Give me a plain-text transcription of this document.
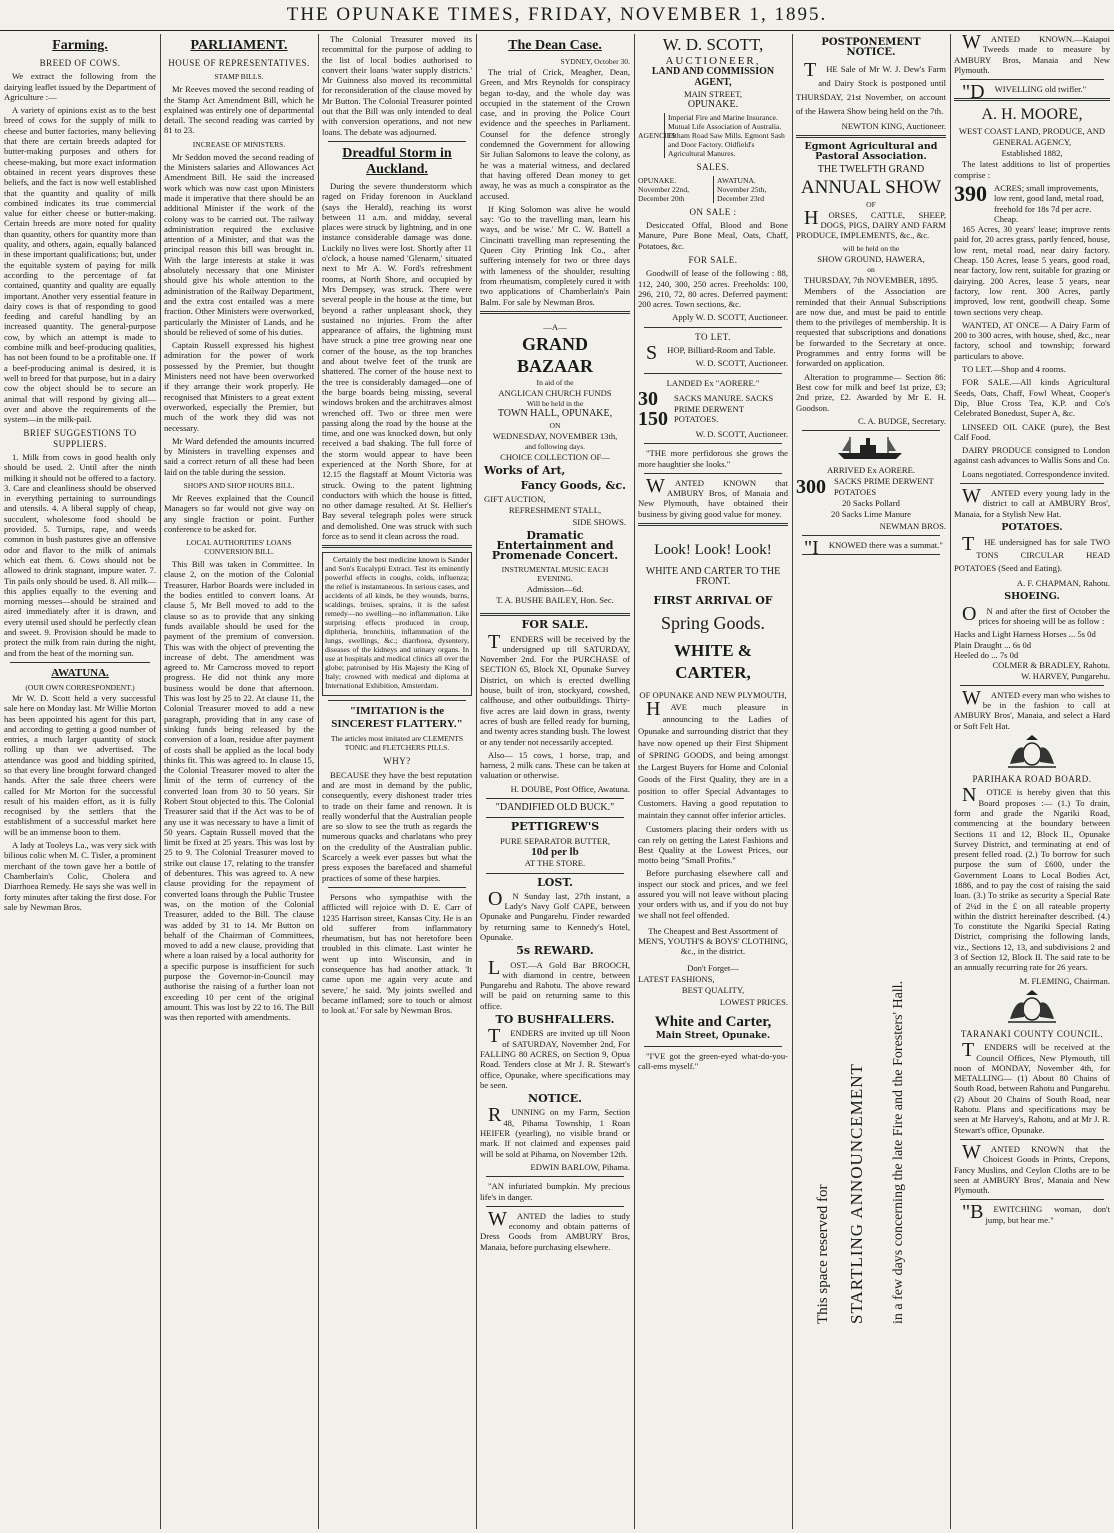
THE OPUNAKE TIMES, FRIDAY, NOVEMBER 1, 1895.
Farming.
BREED OF COWS.

We extract the following from the dairying leaflet issued by the Department of Agriculture :—

A variety of opinions exist as to the best breed of cows for the supply of milk to cheese and butter factories, many believing that there are certain breeds adapted for butter-making purposes and others for cheese-making, but more exact information obtained in recent years disproves these beliefs, and the fact is now well established that the quantity and quality of milk combined indicates its true commercial value for either cheese or butter-making. Certain breeds are more noted for quality than quantity, others for quantity more than quality, and others, again, equally balanced in these important qualifications; but, under the equitable system of paying for milk according to the percentage of fat contained, quantity and quality are equally important. Another very essential feature in dairy cows is that of responding to good feeding and careful handling by an increased quantity. The general-purpose cow, by which an attempt is made to combine milk and beef-producing qualities, has not been found to be a profitable one. If a beef-producing animal is desired, it is well to breed for that purpose, but in a dairy cow the object should be to secure an animal that will respond by giving all—over and above the requirements of the system—in the milk-pail.

BRIEF SUGGESTIONS TO SUPPLIERS.

1. Milk from cows in good health only should be used. 2. Until after the ninth milking it should not be offered to a factory. 3. Care and cleanliness should be observed in everything pertaining to surroundings and utensils. 4. A liberal supply of cheap, succulent, wholesome food should be provided. 5. Turnips, rape, and weeds common in bush pastures give an offensive odor and flavor to the milk of animals which eat them. 6. Cows should not be allowed to drink stagnant, impure water. 7. Tin pails only should be used. 8. All milk—this applies equally to the evening and morning messes—should be strained and aired immediately after it is drawn, and every utensil used should be perfectly clean and sweet. 9. Provision should be made to protect the milk from rain during the night, and from the heat of the morning sun.

AWATUNA.
(OUR OWN CORRESPONDENT.)

Mr W. D. Scott held a very successful sale here on Monday last. Mr Willie Morton has been appointed his agent for this part, and according to getting a good number of entries, a much larger quantity of stock rolling up than we advertised. The attendance was good and bidding spirited, so that every line brought forward changed hands. After the sale three cheers were called for Mr Morton for the successful result of his maiden effort, as it is fully recognised by the settlers that the establishment of a successful market here will be an immense boon to them.

A lady at Tooleys La., was very sick with bilious colic when M. C. Tisler, a prominent merchant of the town gave her a bottle of Chamberlain's Colic, Cholera and Diarrhoea Remedy. He says she was well in forty minutes after taking the first dose. For sale by Newman Bros.

PARLIAMENT.
HOUSE OF REPRESENTATIVES.
STAMP BILLS.

Mr Reeves moved the second reading of the Stamp Act Amendment Bill, which he explained was entirely one of departmental detail. The second reading was carried by 81 to 23.

INCREASE OF MINISTERS.

Mr Seddon moved the second reading of the Ministers salaries and Allowances Act Amendment Bill. He said the increased work which was now cast upon Ministers made it imperative that there should be an additional Minister if the work of the colony was to be carried out. The railway administration required the exclusive attention of a Minister, and that was the principal reason this bill was brought in. With the large interests at stake it was absolutely necessary that one Minister should give his whole attention to the administration of the Railway Department, and the extra cost entailed was a mere fraction. Other Ministers were overworked, particularly the Minister of Lands, and he should be relieved of some of his duties.

Captain Russell expressed his highest admiration for the power of work possessed by the Premier, but thought Ministers need not have been overworked if they arrange their work properly. He recognised that Ministers to a great extent overworked, especially the Premier, but much of the work they did was not necessary.

Mr Ward defended the amounts incurred by Ministers in travelling expenses and said a correct return of all these had been laid on the table during the session.

SHOPS AND SHOP HOURS BILL.

Mr Reeves explained that the Council Managers so far would not give way on any single fraction or point. Further conference to be asked for.

LOCAL AUTHORITIES' LOANS CONVERSION BILL.

This Bill was taken in Committee. In clause 2, on the motion of the Colonial Treasurer, Harbor Boards were included in the bodies entitled to convert loans. At clause 5, Mr Bell moved to add to the clause so as to provide that any sinking funds available should be used for the payment of the premium of conversion. This was with the object of preventing the increase of debt. The amendment was agreed to. Mr Carncross moved to report progress. He did not think any more business would be done that afternoon. This was lost by 25 to 22. At clause 11, the Colonial Treasurer moved to add a new paragraph, providing that in any case of sinking funds being released by the conversion of a loan, residue after payment of costs shall be applied as the local body thinks fit. This was agreed to. In clause 15, the Colonial Treasurer moved to alter the limit of the term of currency of the converted loan from 30 to 50 years. Sir Robert Stout objected to this. The Colonial Treasurer said that if the Act was to be of any use it was necessary to have a limit of 50 years. Captain Russell moved that the limit be fixed at 25 years. This was lost by 25 to 9. The Colonial Treasurer moved to strike out clause 17, relating to the transfer of debentures. This was agreed to. A new clause providing for the repayment of converted loans through the Public Trustee was, on the motion of the Colonial Treasurer, added to the Bill. The clause was added by 31 to 14. Mr Button on behalf of the Chairman of Committees, moved to add a new clause, providing that where a loan raised by a local authority for a specific purpose is insufficient for such purpose the Governor-in-Council may authorise the raising of a further loan not exceeding 10 per cent of the original amount. This was lost by 22 to 16. The Bill was then reported with amendments.

The Colonial Treasurer moved its recommittal for the purpose of adding to the list of local bodies authorised to convert their loans 'water supply districts.' Mr Guinness also moved its recommittal for reconsideration of the clause moved by Mr Button. The Colonial Treasurer pointed out that the Bill was only intended to deal with conversion operations, and not new loans. The debate was adjourned.

Dreadful Storm in Auckland.

During the severe thunderstorm which raged on Friday forenoon in Auckland (says the Herald), reaching its worst between 11 a.m. and midday, several places were struck by lightning, and in one instance considerable damage was done. Luckily no lives were lost. Shortly after 11 o'clock, a house named 'Glenarm,' situated next to Mr A. W. Ford's refreshment rooms, at North Shore, and occupied by Mrs Dempsey, was struck. There were several people in the house at the time, but beyond a rather unpleasant shock, they sustained no injuries. From the after appearance of affairs, the lightning must have struck a pine tree growing near one corner of the house, as the top branches and about twelve feet of the trunk are shattered. The corner of the house next to the tree is considerably damaged—one of the barge boards being missing, several windows broken and the architraves almost wrenched off. Two or three men were passing along the road by the house at the time, and one was knocked down, but only received a bad shaking. The full force of the storm would appear to have been experienced at the North Shore, for at 12.15 the flagstaff at Mount Victoria was struck. Owing to the patent lightning conductors with which the house is fitted, no other damage resulted. At St. Hellier's Bay several telegraph poles were struck and demolished. One was struck with such force as to send it clean across the road.

Certainly the best medicine known is Sander and Son's Eucalypti Extract. Test its eminently powerful effects in coughs, colds, influenza; the relief is instantaneous. In serious cases, and accidents of all kinds, be they wounds, burns, scaldings, bruises, sprains, it is the safest remedy—no swelling—no inflammation. Like surprising effects produced in croup, diphtheria, bronchitis, inflammation of the lungs, swellings, &c.; diarrhoea, dysentery, diseases of the kidneys and urinary organs. In use at hospitals and medical clinics all over the globe; patronised by His Majesty the King of Italy; crowned with medical and diploma at International Exhibition, Amsterdam.

"IMITATION is the SINCEREST FLATTERY."
The articles most imitated are CLEMENTS TONIC and FLETCHERS PILLS.
WHY?

BECAUSE they have the best reputation and are most in demand by the public, consequently, every dishonest trader tries to trade on their fame and renown. It is really wonderful that the Australian people are so slow to see the truth as regards the numerous quacks and charlatans who prey on the credulity of the Australian public. Scarcely a week ever passes but what the press exposes the barefaced and shameful practices of some of these harpies.

Persons who sympathise with the afflicted will rejoice with D. E. Carr of 1235 Harrison street, Kansas City. He is an old sufferer from inflammatory rheumatism, but has not heretofore been troubled in this climate. Last winter he went up into Wisconsin, and in consequence has had another attack. 'It came upon me again very acute and severe,' he said. 'My joints swelled and became inflamed; sore to touch or almost to look at.' For sale by Newman Bros.

The Dean Case.
SYDNEY, October 30.

The trial of Crick, Meagher, Dean, Green, and Mrs Reynolds for conspiracy began to-day, and the whole day was occupied in the statement of the Crown case, and in proving the Police Court evidence and the speeches in Parliament. Counsel for the defence strongly condemned the Government for allowing Sir Julian Salomons to leave the colony, as he was a material witness, and declared that having offered Dean money to get away, he was as much a conspirator as the accused.

If King Solomon was alive he would say: 'Go to the travelling man, learn his ways, and be wise.' Mr C. W. Battell a Cincinatti travelling man representing the Queen City Printing Ink Co., after suffering intensely for two or three days with lameness of the shoulder, resulting from rheumatism, completely cured it with two applications of Chamberlain's Pain Balm. For sale by Newman Bros.

—A—
GRAND BAZAAR
In aid of the
ANGLICAN CHURCH FUNDS
Will be held in the
TOWN HALL, OPUNAKE,
ON
WEDNESDAY, NOVEMBER 13th,
and following days.
CHOICE COLLECTION OF—
Works of Art,
Fancy Goods, &c.
GIFT AUCTION,
REFRESHMENT STALL,
SIDE SHOWS.
Dramatic Entertainment and Promenade Concert.
INSTRUMENTAL MUSIC EACH EVENING.
Admission—6d.
T. A. BUSHE BAILEY, Hon. Sec.
FOR SALE.

TENDERS will be received by the undersigned up till SATURDAY, November 2nd. For the PURCHASE of SECTION 65, Block XI, Opunake Survey District, on which is erected dwelling house, built of iron, stockyard, cowshed, calfhouse, and other outbuildings. Thirty-five acres are laid down in grass, twenty acres of bush are felled ready for burning, and twenty acres standing bush. The lowest or any tender not necessarily accepted.

Also— 15 cows, 1 horse, trap, and harness, 2 milk cans. These can be taken at valuation or otherwise.

H. DOUBE, Post Office, Awatuna.
"DANDIFIED OLD BUCK."
PETTIGREW'S
PURE SEPARATOR BUTTER,
10d per lb
AT THE STORE.
LOST.

ON Sunday last, 27th instant, a Lady's Navy Golf CAPE, between Opunake and Pungarehu. Finder rewarded by returning same to Kennedy's Hotel, Opunake.

5s REWARD.

LOST.—A Gold Bar BROOCH, with diamond in centre, between Pungarehu and Rahotu. The above reward will be paid on returning same to this office.

TO BUSHFALLERS.

TENDERS are invited up till Noon of SATURDAY, November 2nd, For FALLING 80 ACRES, on Section 9, Opua Road. Tenders close at Mr J. R. Stewart's office, Opunake, where specifications may be seen.

NOTICE.

RUNNING on my Farm, Section 48, Pihama Township, 1 Roan HEIFER (yearling), no visible brand or mark. If not claimed and expenses paid will be sold at Pihama, on November 12th.

EDWIN BARLOW, Pihama.

"AN infuriated bumpkin. My precious life's in danger.

WANTED the ladies to study economy and obtain patterns of Dress Goods from AMBURY Bros, Manaia, before purchasing elsewhere.

W. D. SCOTT,
AUCTIONEER,
LAND AND COMMISSION AGENT,
MAIN STREET,
OPUNAKE.
AGENCIES
Imperial Fire and Marine Insurance. Mutual Life Association of Australia. Eltham Road Saw Mills. Egmont Sash and Door Factory. Oldfield's Agricultural Manures.
SALES.
OPUNAKE. November 22nd, December 20th
AWATUNA. November 25th, December 23rd
ON SALE :

Desiccated Offal, Blood and Bone Manure, Pure Bone Meal, Oats, Chaff, Potatoes, &c.

FOR SALE.

Goodwill of lease of the following : 88, 112, 240, 300, 250 acres. Freeholds: 100, 296, 210, 72, 80 acres. Deferred payment: 200 acres. Town sections, &c.

Apply W. D. SCOTT, Auctioneer.
TO LET.

SHOP, Billiard-Room and Table.

W. D. SCOTT, Auctioneer.
LANDED Ex "AORERE."
30
150
SACKS MANURE. SACKS PRIME DERWENT POTATOES.
W. D. SCOTT, Auctioneer.

"THE more perfidorous she grows the more haughtier she looks."

WANTED KNOWN that AMBURY Bros, of Manaia and New Plymouth, have obtained their business by giving good value for money.

Look! Look! Look!
WHITE AND CARTER TO THE FRONT.
FIRST ARRIVAL OF
Spring Goods.
WHITE & CARTER,
OF OPUNAKE AND NEW PLYMOUTH,

HAVE much pleasure in announcing to the Ladies of Opunake and surrounding district that they have now opened up their First Shipment of SPRING GOODS, and being amongst the Largest Buyers for Home and Colonial Goods of the First Quality, they are in a position to offer Special Advantages to Customers. Having a good reputation to maintain they cannot offer inferior articles.

Customers placing their orders with us can rely on getting the Latest Fashions and Best Quality at the Lowest Prices, our motto being "Small Profits."

Before purchasing elsewhere call and inspect our stock and prices, and we feel assured you will not leave without placing your orders with us, and if you do not buy we shall not feel offended.

The Cheapest and Best Assortment of MEN'S, YOUTH'S & BOYS' CLOTHING, &c., in the district.
Don't Forget—
LATEST FASHIONS,
BEST QUALITY,
LOWEST PRICES.
White and Carter,
Main Street, Opunake.

"I'VE got the green-eyed what-do-you-call-ems myself."

POSTPONEMENT NOTICE.

THE Sale of Mr W. J. Dew's Farm and Dairy Stock is postponed until THURSDAY, 21st November, on account of the Hawera Show being held on the 7th.

NEWTON KING, Auctioneer.
Egmont Agricultural and Pastoral Association.
THE TWELFTH GRAND
ANNUAL SHOW
OF

HORSES, CATTLE, SHEEP, DOGS, PIGS, DAIRY AND FARM PRODUCE, IMPLEMENTS, &c., &c.

will be held on the
SHOW GROUND, HAWERA,
on
THURSDAY, 7th NOVEMBER, 1895.

Members of the Association are reminded that their Annual Subscriptions are now due, and must be paid to entitle them to the privileges of membership. It is requested that subscriptions and donations be forwarded to the Secretary at once. Programmes and entry forms will be forwarded on application.

Alteration to programme— Section 86: Best cow for milk and beef 1st prize, £3; 2nd prize, £2. Awarded by Mr E. H. Goodson.

C. A. BUDGE, Secretary.
ARRIVED Ex AORERE.
300 SACKS PRIME DERWENT POTATOES
20 Sacks Pollard
20 Sacks Lime Manure
NEWMAN BROS.

"IKNOWED there was a summat."

This space reserved for STARTLING ANNOUNCEMENT in a few days concerning the late Fire and the Foresters' Hall.

WANTED KNOWN.—Kaiapoi Tweeds made to measure by AMBURY Bros, Manaia and New Plymouth.

"DWIVELLING old twifler."

A. H. MOORE,
WEST COAST LAND, PRODUCE, AND GENERAL AGENCY,
Established 1882,

The latest additions to list of properties comprise :

390 ACRES; small improvements, low rent, good land, metal road, freehold for 18s 7d per acre. Cheap.

165 Acres, 30 years' lease; improve rents paid for, 20 acres grass, partly fenced, house, low rent, metal road, near dairy factory. Cheap. 150 Acres, lease 5 years, good road, near factory, low rent, suitable for grazing or dairying. 200 Acres, lease 5 years, near factory, low rent. 300 Acres, partly improved, low rent, goodwill cheap. Some town sections very cheap.

WANTED, AT ONCE— A Dairy Farm of 200 to 300 acres, with house, shed, &c., near factory, school and township; forward particulars to above.

TO LET.—Shop and 4 rooms.

FOR SALE.—All kinds Agricultural Seeds, Oats, Chaff, Fowl Wheat, Cooper's Dip, Blue Cross Tea, K.P. and Co's Celebrated Bonedust, Super A, &c.

LINSEED OIL CAKE (pure), the Best Calf Food.

DAIRY PRODUCE consigned to London against cash advances to Wallis Sons and Co.

Loans negotiated. Correspondence invited.

WANTED every young lady in the district to call at AMBURY Bros', Manaia, for a Stylish New Hat.

POTATOES.

THE undersigned has for sale TWO TONS CIRCULAR HEAD POTATOES (Seed and Eating).

A. F. CHAPMAN, Rahotu.
SHOEING.

ON and after the first of October the prices for shoeing will be as follow :

Hacks and Light Harness Horses ... 5s 0d
Plain Draught ... 6s 0d
Heeled do ... 7s 0d
COLMER & BRADLEY, Rahotu.
W. HARVEY, Pungarehu.

WANTED every man who wishes to be in the fashion to call at AMBURY Bros', Manaia, and select a Hard or Soft Felt Hat.

PARIHAKA ROAD BOARD.

NOTICE is hereby given that this Board proposes :— (1.) To drain, form and grade the Ngariki Road, commencing at the boundary between Sections 11 and 12, Block II., Opunake Survey District, and terminating at end of present felled road. (2.) To borrow for such purpose the sum of £600, under the Government Loans to Local Bodies Act, 1886, and to pay the cost of raising the said loan. (3.) To strike as security a Special Rate of 2¼d in the £ on all rateable property within the district hereinafter described. (4.) To constitute the Ngariki Special Rating District, comprising the following lands, viz., Sections 12, 13, and subdivisions 2 and 3 of Section 12, Block II. The said rate to be an annually recurring rate for 26 years.

M. FLEMING, Chairman.
TARANAKI COUNTY COUNCIL.

TENDERS will be received at the Council Offices, New Plymouth, till noon of MONDAY, November 4th, for METALLING— (1) About 80 Chains of South Road, between Rahotu and Pungarehu. (2) About 20 Chains of South Road, near Rahotu. Plans and specifications may be seen at Mr Harvey's, Rahotu, and at Mr J. R. Stewart's office, Opunake.

WANTED KNOWN that the Choicest Goods in Prints, Crepons, Fancy Muslins, and Ceylon Cloths are to be seen at AMBURY Bros', Manaia and New Plymouth.

"BEWITCHING woman, don't jump, but hear me."
